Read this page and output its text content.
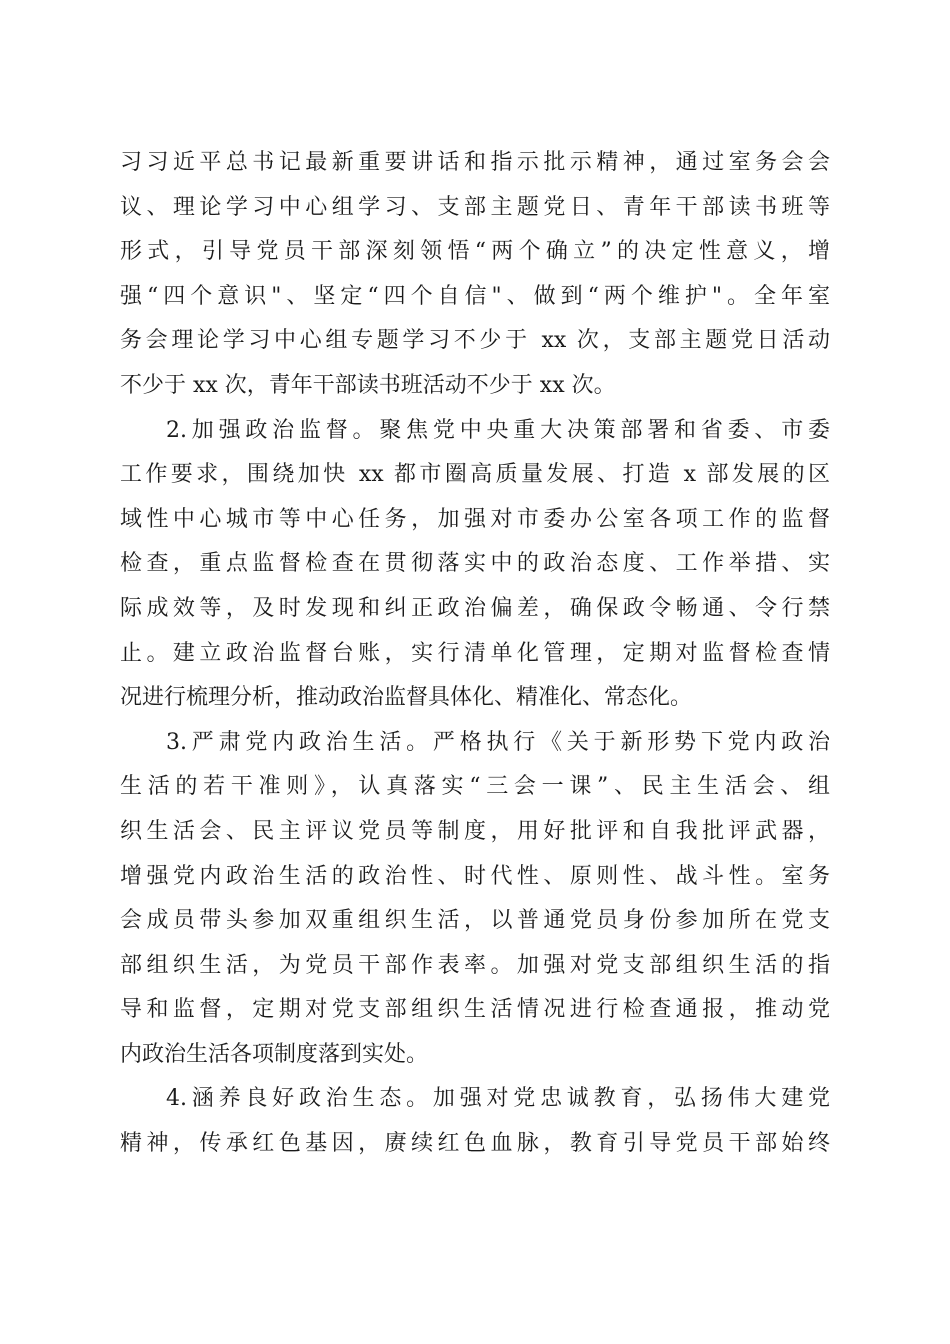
习习近平总书记最新重要讲话和指示批示精神，通过室务会会
议、理论学习中心组学习、支部主题党日、青年干部读书班等
形式，引导党员干部深刻领悟“两个确立”的决定性意义，增
强“四个意识"、坚定“四个自信"、做到“两个维护"。全年室
务会理论学习中心组专题学习不少于 xx 次，支部主题党日活动
不少于 xx 次，青年干部读书班活动不少于 xx 次。
2.加强政治监督。聚焦党中央重大决策部署和省委、市委
工作要求，围绕加快 xx 都市圈高质量发展、打造 x 部发展的区
域性中心城市等中心任务，加强对市委办公室各项工作的监督
检查，重点监督检查在贯彻落实中的政治态度、工作举措、实
际成效等，及时发现和纠正政治偏差，确保政令畅通、令行禁
止。建立政治监督台账，实行清单化管理，定期对监督检查情
况进行梳理分析，推动政治监督具体化、精准化、常态化。
3.严肃党内政治生活。严格执行《关于新形势下党内政治
生活的若干准则》，认真落实“三会一课”、民主生活会、组
织生活会、民主评议党员等制度，用好批评和自我批评武器，
增强党内政治生活的政治性、时代性、原则性、战斗性。室务
会成员带头参加双重组织生活，以普通党员身份参加所在党支
部组织生活，为党员干部作表率。加强对党支部组织生活的指
导和监督，定期对党支部组织生活情况进行检查通报，推动党
内政治生活各项制度落到实处。
4.涵养良好政治生态。加强对党忠诚教育，弘扬伟大建党
精神，传承红色基因，赓续红色血脉，教育引导党员干部始终
